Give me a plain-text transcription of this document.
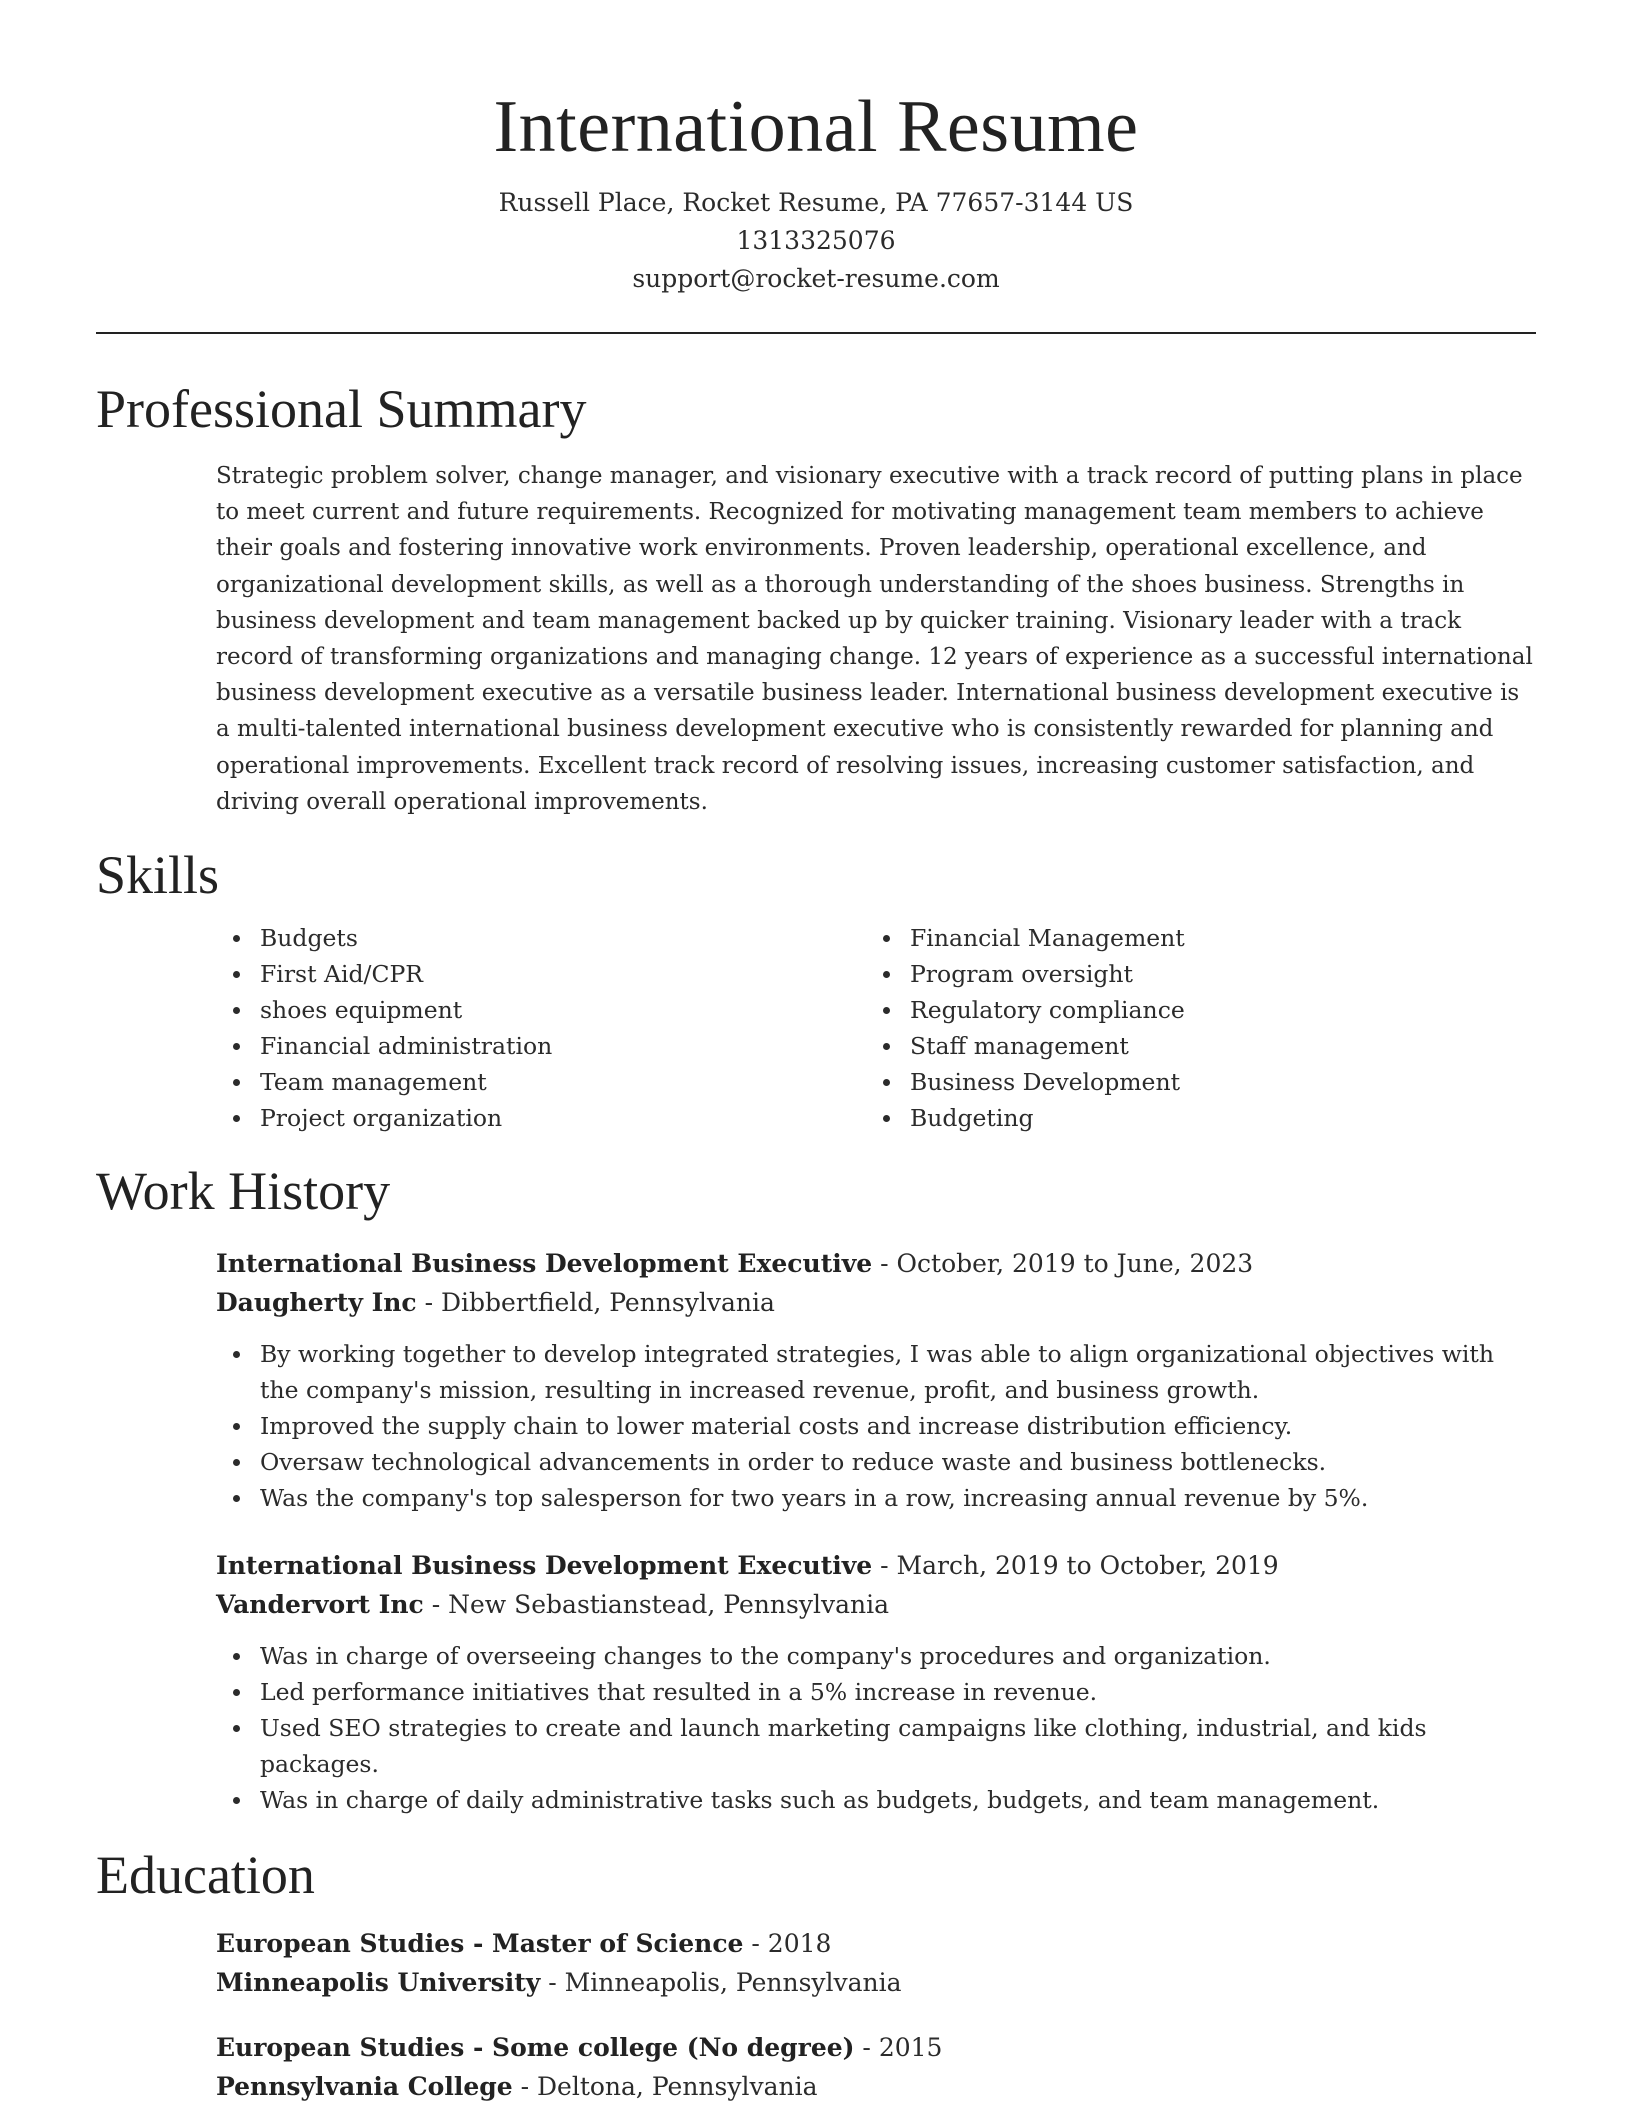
International Resume
Russell Place, Rocket Resume, PA 77657-3144 US
1313325076
support@rocket-resume.com
Professional Summary

Strategic problem solver, change manager, and visionary executive with a track record of putting plans in place to meet current and future requirements. Recognized for motivating management team members to achieve their goals and fostering innovative work environments. Proven leadership, operational excellence, and organizational development skills, as well as a thorough understanding of the shoes business. Strengths in business development and team management backed up by quicker training. Visionary leader with a track record of transforming organizations and managing change. 12 years of experience as a successful international business development executive as a versatile business leader. International business development executive is a multi-talented international business development executive who is consistently rewarded for planning and operational improvements. Excellent track record of resolving issues, increasing customer satisfaction, and driving overall operational improvements.

Skills
Budgets
First Aid/CPR
shoes equipment
Financial administration
Team management
Project organization
Financial Management
Program oversight
Regulatory compliance
Staff management
Business Development
Budgeting
Work History
International Business Development Executive - October, 2019 to June, 2023
Daugherty Inc - Dibbertfield, Pennsylvania
By working together to develop integrated strategies, I was able to align organizational objectives with the company's mission, resulting in increased revenue, profit, and business growth.
Improved the supply chain to lower material costs and increase distribution efficiency.
Oversaw technological advancements in order to reduce waste and business bottlenecks.
Was the company's top salesperson for two years in a row, increasing annual revenue by 5%.
International Business Development Executive - March, 2019 to October, 2019
Vandervort Inc - New Sebastianstead, Pennsylvania
Was in charge of overseeing changes to the company's procedures and organization.
Led performance initiatives that resulted in a 5% increase in revenue.
Used SEO strategies to create and launch marketing campaigns like clothing, industrial, and kids packages.
Was in charge of daily administrative tasks such as budgets, budgets, and team management.
Education
European Studies - Master of Science - 2018
Minneapolis University - Minneapolis, Pennsylvania
European Studies - Some college (No degree) - 2015
Pennsylvania College - Deltona, Pennsylvania
